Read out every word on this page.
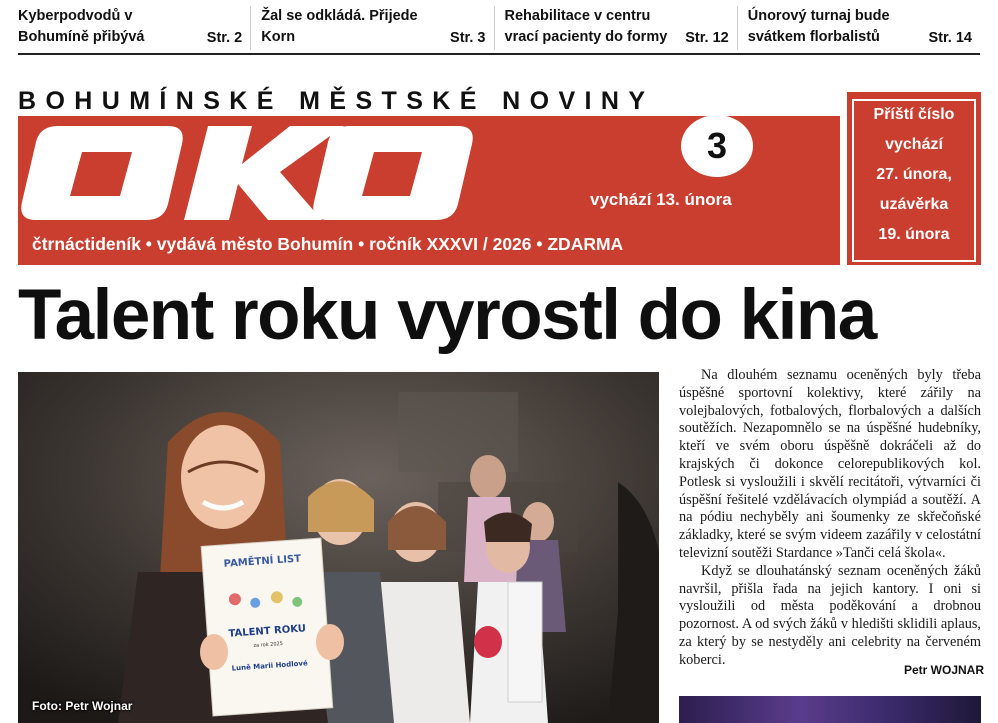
Kyberpodvodů v Bohumíně přibývá	Str. 2
Žal se odkládá. Přijede Korn	Str. 3
Rehabilitace v centru vrací pacienty do formy Str. 12
Únorový turnaj bude svátkem florbalistů	Str. 14
BOHUMÍNSKÉ MĚSTSKÉ NOVINY
3
vychází 13. února
čtrnáctideník • vydává město Bohumín • ročník XXXVI / 2026 • ZDARMA
Příští číslo
vychází
27. února,
uzávěrka
19. února
Talent roku vyrostl do kina
PAMĚTNÍ LIST
TALENT ROKU
za rok 2025
Luně Marii Hodlové
Foto: Petr Wojnar

Na dlouhém seznamu oceněných byly třeba úspěšné sportovní kolektivy, které zářily na volejbalových, fotbalových, florbalových a dalších soutěžích. Nezapomnělo se na úspěšné hudebníky, kteří ve svém oboru úspěšně dokráčeli až do krajských či dokonce celorepublikových kol. Potlesk si vysloužili i skvělí recitátoři, výtvarníci či úspěšní řešitelé vzdělávacích olympiád a soutěží. A na pódiu nechyběly ani šoumenky ze skřečoňské základky, které se svým videem zazářily v celostátní televizní soutěži Stardance »Tanči celá škola«.

Když se dlouhatánský seznam oceněných žáků navršil, přišla řada na jejich kantory. I oni si vysloužili od města poděkování a drobnou pozornost. A od svých žáků v hledišti sklidili aplaus, za který by se nestyděly ani celebrity na červeném koberci.

Petr WOJNAR
